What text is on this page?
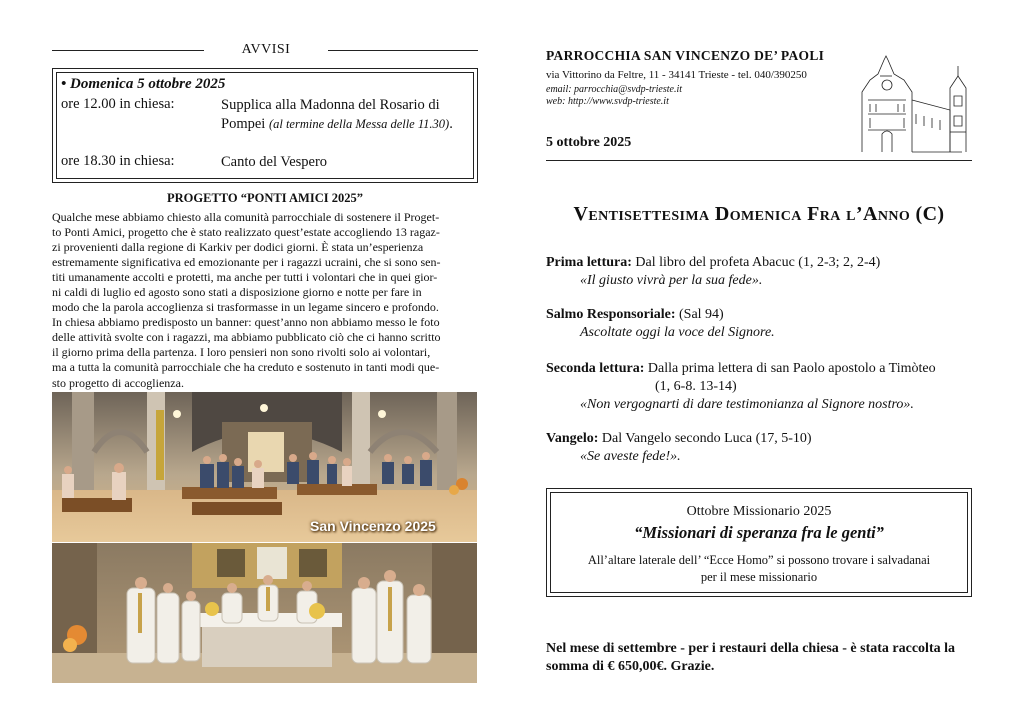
AVVISI
• Domenica 5 ottobre 2025
ore 12.00 in chiesa:	Supplica alla Madonna del Rosario di
Pompei (al termine della Messa delle 11.30).
ore 18.30 in chiesa:	Canto del Vespero
PROGETTO “PONTI AMICI 2025”
Qualche mese abbiamo chiesto alla comunità parrocchiale di sostenere il Proget-
to Ponti Amici, progetto che è stato realizzato quest’estate accogliendo 13 ragaz-
zi provenienti dalla regione di Karkiv per dodici giorni. È stata un’esperienza
estremamente significativa ed emozionante per i ragazzi ucraini, che si sono sen-
titi umanamente accolti e protetti, ma anche per tutti i volontari che in quei gior-
ni caldi di luglio ed agosto sono stati a disposizione giorno e notte per fare in
modo che la parola accoglienza si trasformasse in un legame sincero e profondo.
In chiesa abbiamo predisposto un banner: quest’anno non abbiamo messo le foto
delle attività svolte con i ragazzi, ma abbiamo pubblicato ciò che ci hanno scritto
il giorno prima della partenza. I loro pensieri non sono rivolti solo ai volontari,
ma a tutta la comunità parrocchiale che ha creduto e sostenuto in tanti modi que-
sto progetto di accoglienza.
San Vincenzo 2025
PARROCCHIA SAN VINCENZO DE’ PAOLI
via Vittorino da Feltre, 11 - 34141 Trieste - tel. 040/390250
email: parrocchia@svdp-trieste.it
web: http://www.svdp-trieste.it
5 ottobre 2025
Ventisettesima Domenica Fra l’Anno (C)
Prima lettura: Dal libro del profeta Abacuc (1, 2-3; 2, 2-4)
«Il giusto vivrà per la sua fede».
Salmo Responsoriale: (Sal 94)
Ascoltate oggi la voce del Signore.
Seconda lettura: Dalla prima lettera di san Paolo apostolo a Timòteo
(1, 6-8. 13-14)
«Non vergognarti di dare testimonianza al Signore nostro».
Vangelo: Dal Vangelo secondo Luca (17, 5-10)
«Se aveste fede!».
Ottobre Missionario 2025
“Missionari di speranza fra le genti”
All’altare laterale dell’ “Ecce Homo” si possono trovare i salvadanai
per il mese missionario
Nel mese di settembre - per i restauri della chiesa - è stata raccolta la
somma di € 650,00€. Grazie.
